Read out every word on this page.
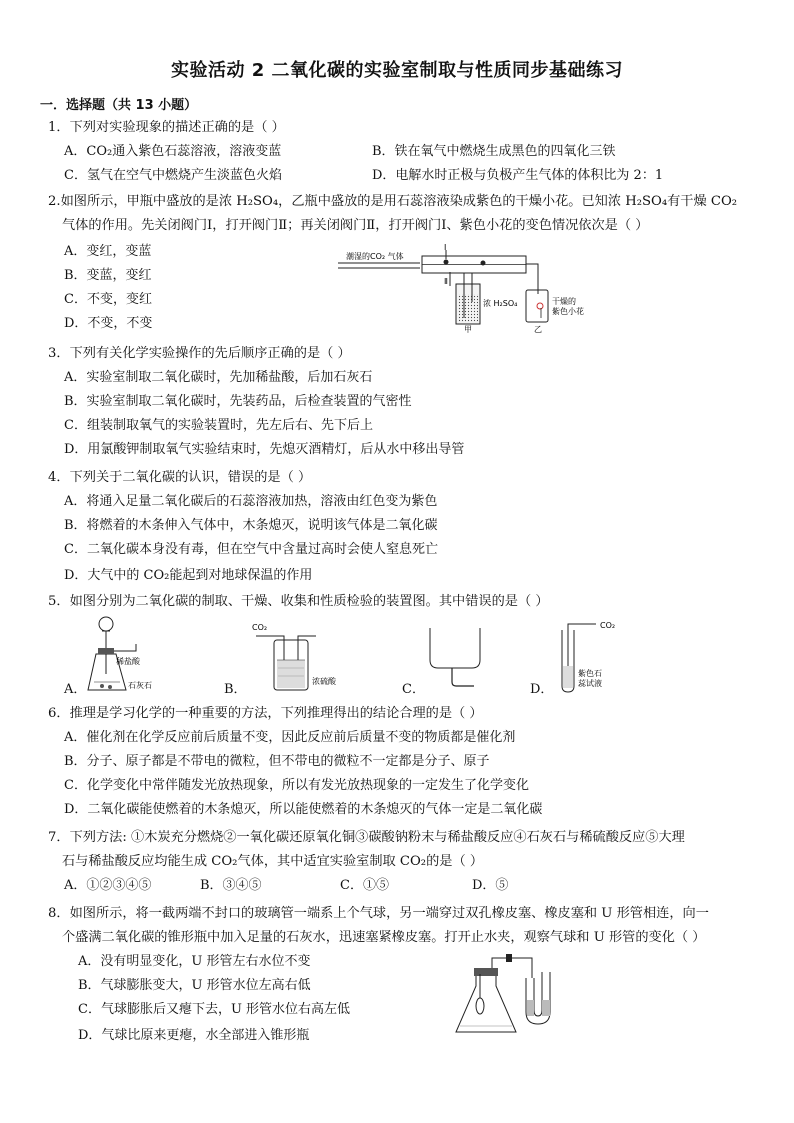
实验活动 2 二氧化碳的实验室制取与性质同步基础练习
一．选择题（共 13 小题）
1．下列对实验现象的描述正确的是（ ）
A．CO₂通入紫色石蕊溶液，溶液变蓝	B．铁在氧气中燃烧生成黑色的四氧化三铁
C．氢气在空气中燃烧产生淡蓝色火焰	D．电解水时正极与负极产生气体的体积比为 2：1
2.如图所示，甲瓶中盛放的是浓 H₂SO₄，乙瓶中盛放的是用石蕊溶液染成紫色的干燥小花。已知浓 H₂SO₄有干燥 CO₂
气体的作用。先关闭阀门Ⅰ，打开阀门Ⅱ；再关闭阀门Ⅱ，打开阀门Ⅰ、紫色小花的变色情况依次是（ ）
A．变红，变蓝
B．变蓝，变红
C．不变，变红
D．不变，不变
潮湿的CO₂ 气体
Ⅰ
Ⅱ
浓 H₂SO₄	干燥的
紫色小花
甲	乙
3．下列有关化学实验操作的先后顺序正确的是（ ）
A．实验室制取二氧化碳时，先加稀盐酸，后加石灰石
B．实验室制取二氧化碳时，先装药品，后检查装置的气密性
C．组装制取氧气的实验装置时，先左后右、先下后上
D．用氯酸钾制取氧气实验结束时，先熄灭酒精灯，后从水中移出导管
4．下列关于二氧化碳的认识，错误的是（ ）
A．将通入足量二氧化碳后的石蕊溶液加热，溶液由红色变为紫色
B．将燃着的木条伸入气体中，木条熄灭，说明该气体是二氧化碳
C．二氧化碳本身没有毒，但在空气中含量过高时会使人窒息死亡
D．大气中的 CO₂能起到对地球保温的作用
5．如图分别为二氧化碳的制取、干燥、收集和性质检验的装置图。其中错误的是（ ）
A．
稀盐酸
石灰石	B．
CO₂
浓硫酸
C．	D．
CO₂
紫色石
蕊试液
6．推理是学习化学的一种重要的方法，下列推理得出的结论合理的是（ ）
A．催化剂在化学反应前后质量不变，因此反应前后质量不变的物质都是催化剂
B．分子、原子都是不带电的微粒，但不带电的微粒不一定都是分子、原子
C．化学变化中常伴随发光放热现象，所以有发光放热现象的一定发生了化学变化
D．二氧化碳能使燃着的木条熄灭，所以能使燃着的木条熄灭的气体一定是二氧化碳
7．下列方法: ①木炭充分燃烧②一氧化碳还原氧化铜③碳酸钠粉末与稀盐酸反应④石灰石与稀硫酸反应⑤大理
石与稀盐酸反应均能生成 CO₂气体，其中适宜实验室制取 CO₂的是（ ）
A．①②③④⑤	B．③④⑤	C．①⑤	D．⑤
8．如图所示，将一截两端不封口的玻璃管一端系上个气球，另一端穿过双孔橡皮塞、橡皮塞和 U 形管相连，向一
个盛满二氧化碳的锥形瓶中加入足量的石灰水，迅速塞紧橡皮塞。打开止水夹，观察气球和 U 形管的变化（ ）
A．没有明显变化，U 形管左右水位不变
B．气球膨胀变大，U 形管水位左高右低
C．气球膨胀后又瘪下去，U 形管水位右高左低
D．气球比原来更瘪，水全部进入锥形瓶
